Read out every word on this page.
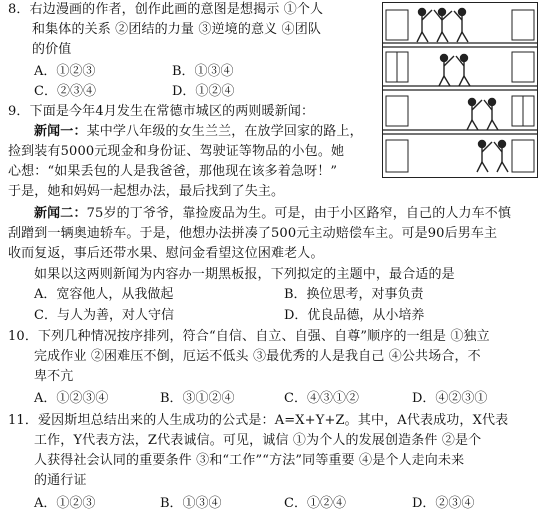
8．右边漫画的作者，创作此画的意图是想揭示 ①个人
和集体的关系 ②团结的力量 ③逆境的意义 ④团队
的价值
A．①②③	B．①③④
C．②③④	D．①②④
9．下面是今年4月发生在常德市城区的两则暖新闻：
新闻一：某中学八年级的女生兰兰，在放学回家的路上，
捡到装有5000元现金和身份证、驾驶证等物品的小包。她
心想：“如果丢包的人是我爸爸，那他现在该多着急呀！”
于是，她和妈妈一起想办法，最后找到了失主。
新闻二：75岁的丁爷爷，靠捡废品为生。可是，由于小区路窄，自己的人力车不慎
刮蹭到一辆奥迪轿车。于是，他想办法拼凑了500元主动赔偿车主。可是90后男车主
收而复返，事后还带水果、慰问金看望这位困难老人。
如果以这两则新闻为内容办一期黑板报，下列拟定的主题中，最合适的是
A．宽容他人，从我做起	B．换位思考，对事负责
C．与人为善，对人守信	D．优良品德，从小培养
10．下列几种情况按序排列，符合“自信、自立、自强、自尊”顺序的一组是 ①独立
完成作业 ②困难压不倒，厄运不低头 ③最优秀的人是我自己 ④公共场合，不
卑不亢
A．①②③④	B．③①②④	C．④③①②	D．④②③①
11．爱因斯坦总结出来的人生成功的公式是：A=X+Y+Z。其中，A代表成功，X代表
工作，Y代表方法，Z代表诚信。可见，诚信 ①为个人的发展创造条件 ②是个
人获得社会认同的重要条件 ③和“工作”“方法”同等重要 ④是个人走向未来
的通行证
A．①②③	B．①③④	C．①②④	D．②③④
